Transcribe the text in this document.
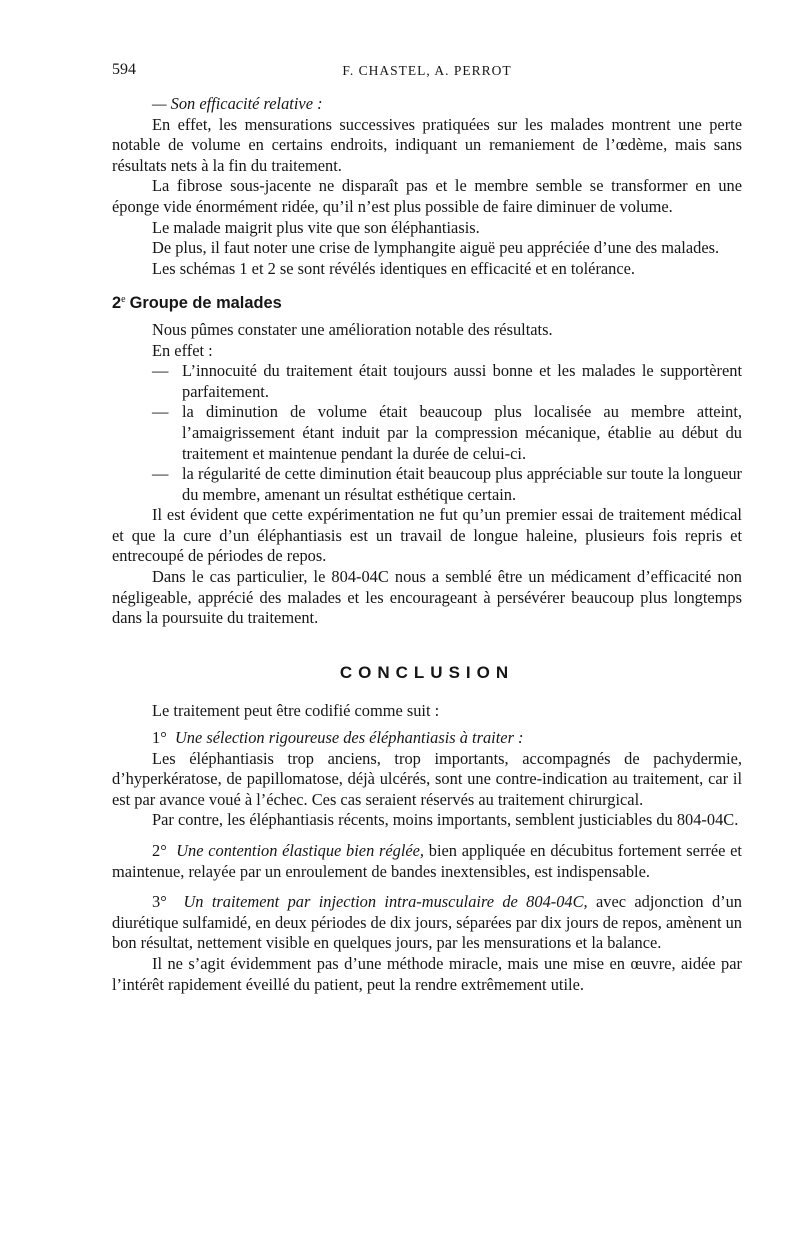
594	F. CHASTEL, A. PERROT

— Son efficacité relative :

En effet, les mensurations successives pratiquées sur les malades montrent une perte notable de volume en certains endroits, indiquant un remaniement de l’œdème, mais sans résultats nets à la fin du traitement.

La fibrose sous-jacente ne disparaît pas et le membre semble se transformer en une éponge vide énormément ridée, qu’il n’est plus possible de faire diminuer de volume.

Le malade maigrit plus vite que son éléphantiasis.

De plus, il faut noter une crise de lymphangite aiguë peu appréciée d’une des malades.

Les schémas 1 et 2 se sont révélés identiques en efficacité et en tolérance.

2e Groupe de malades

Nous pûmes constater une amélioration notable des résultats.

En effet :

— L’innocuité du traitement était toujours aussi bonne et les malades le supportèrent parfaitement.

— la diminution de volume était beaucoup plus localisée au membre atteint, l’amaigrissement étant induit par la compression mécanique, établie au début du traitement et maintenue pendant la durée de celui-ci.

— la régularité de cette diminution était beaucoup plus appréciable sur toute la longueur du membre, amenant un résultat esthétique certain.

Il est évident que cette expérimentation ne fut qu’un premier essai de traitement médical et que la cure d’un éléphantiasis est un travail de longue haleine, plusieurs fois repris et entrecoupé de périodes de repos.

Dans le cas particulier, le 804-04C nous a semblé être un médicament d’efficacité non négligeable, apprécié des malades et les encourageant à persévérer beaucoup plus longtemps dans la poursuite du traitement.

CONCLUSION

Le traitement peut être codifié comme suit :

1° Une sélection rigoureuse des éléphantiasis à traiter :

Les éléphantiasis trop anciens, trop importants, accompagnés de pachydermie, d’hyperkératose, de papillomatose, déjà ulcérés, sont une contre-indication au traitement, car il est par avance voué à l’échec. Ces cas seraient réservés au traitement chirurgical.

Par contre, les éléphantiasis récents, moins importants, semblent justiciables du 804-04C.

2° Une contention élastique bien réglée, bien appliquée en décubitus fortement serrée et maintenue, relayée par un enroulement de bandes inextensibles, est indispensable.

3° Un traitement par injection intra-musculaire de 804-04C, avec adjonction d’un diurétique sulfamidé, en deux périodes de dix jours, séparées par dix jours de repos, amènent un bon résultat, nettement visible en quelques jours, par les mensurations et la balance.

Il ne s’agit évidemment pas d’une méthode miracle, mais une mise en œuvre, aidée par l’intérêt rapidement éveillé du patient, peut la rendre extrêmement utile.
